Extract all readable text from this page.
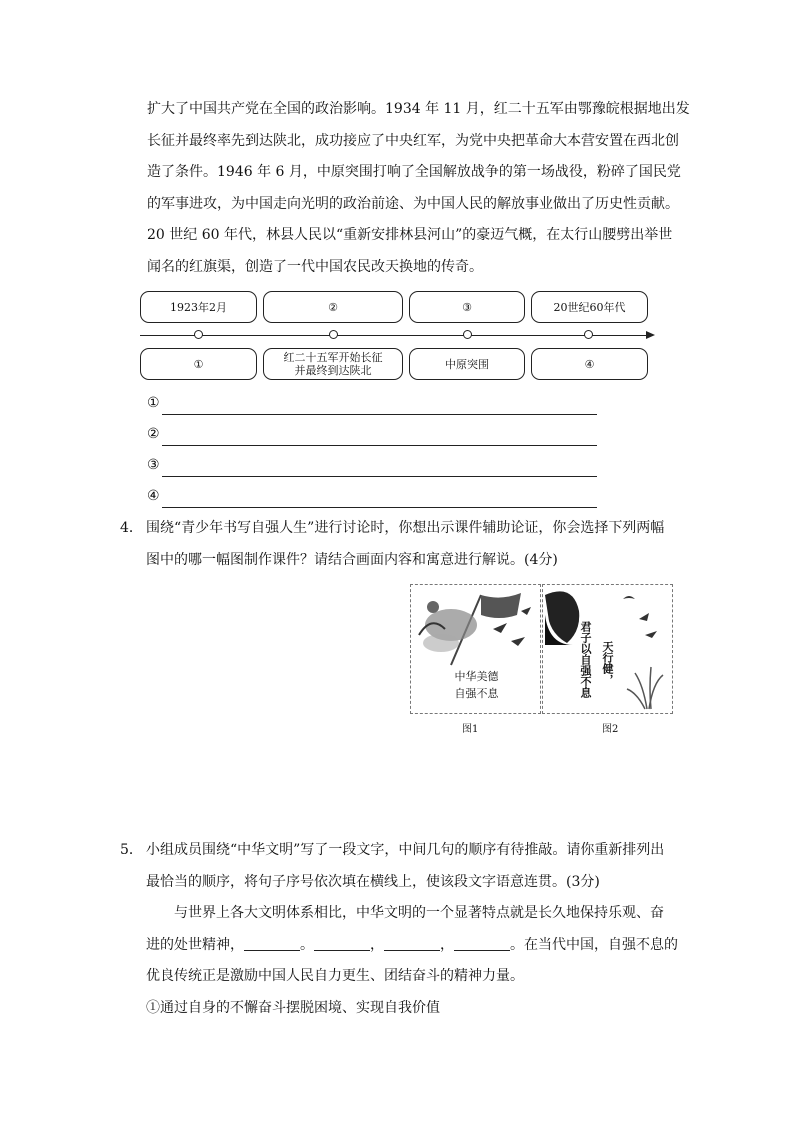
扩大了中国共产党在全国的政治影响。1934 年 11 月，红二十五军由鄂豫皖根据地出发

长征并最终率先到达陕北，成功接应了中央红军，为党中央把革命大本营安置在西北创

造了条件。1946 年 6 月，中原突围打响了全国解放战争的第一场战役，粉碎了国民党

的军事进攻，为中国走向光明的政治前途、为中国人民的解放事业做出了历史性贡献。

20 世纪 60 年代，林县人民以“重新安排林县河山”的豪迈气概，在太行山腰劈出举世

闻名的红旗渠，创造了一代中国农民改天换地的传奇。

1923年2月	②	③	20世纪60年代
①	红二十五军开始长征
并最终到达陕北	中原突围	④
①
②
③
④

4． 围绕“青少年书写自强人生”进行讨论时，你想出示课件辅助论证，你会选择下列两幅

图中的哪一幅图制作课件？请结合画面内容和寓意进行解说。(4分)

中华美德
自强不息
图1
天行健，
君子以自强不息
图2

5． 小组成员围绕“中华文明”写了一段文字，中间几句的顺序有待推敲。请你重新排列出

最恰当的顺序，将句子序号依次填在横线上，使该段文字语意连贯。(3分)

与世界上各大文明体系相比，中华文明的一个显著特点就是长久地保持乐观、奋

进的处世精神，	。	，	，	。在当代中国，自强不息的

优良传统正是激励中国人民自力更生、团结奋斗的精神力量。

①通过自身的不懈奋斗摆脱困境、实现自我价值
